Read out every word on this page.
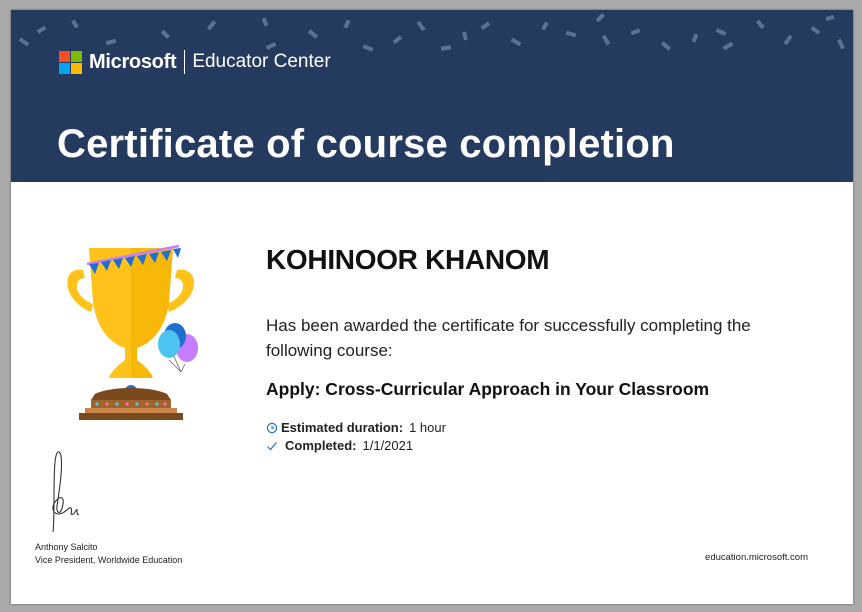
Microsoft Educator Center
Certificate of course completion
KOHINOOR KHANOM
Has been awarded the certificate for successfully completing the following course:
Apply: Cross-Curricular Approach in Your Classroom
Estimated duration: 1 hour
Completed: 1/1/2021
Anthony Salcito
Vice President, Worldwide Education	education.microsoft.com
